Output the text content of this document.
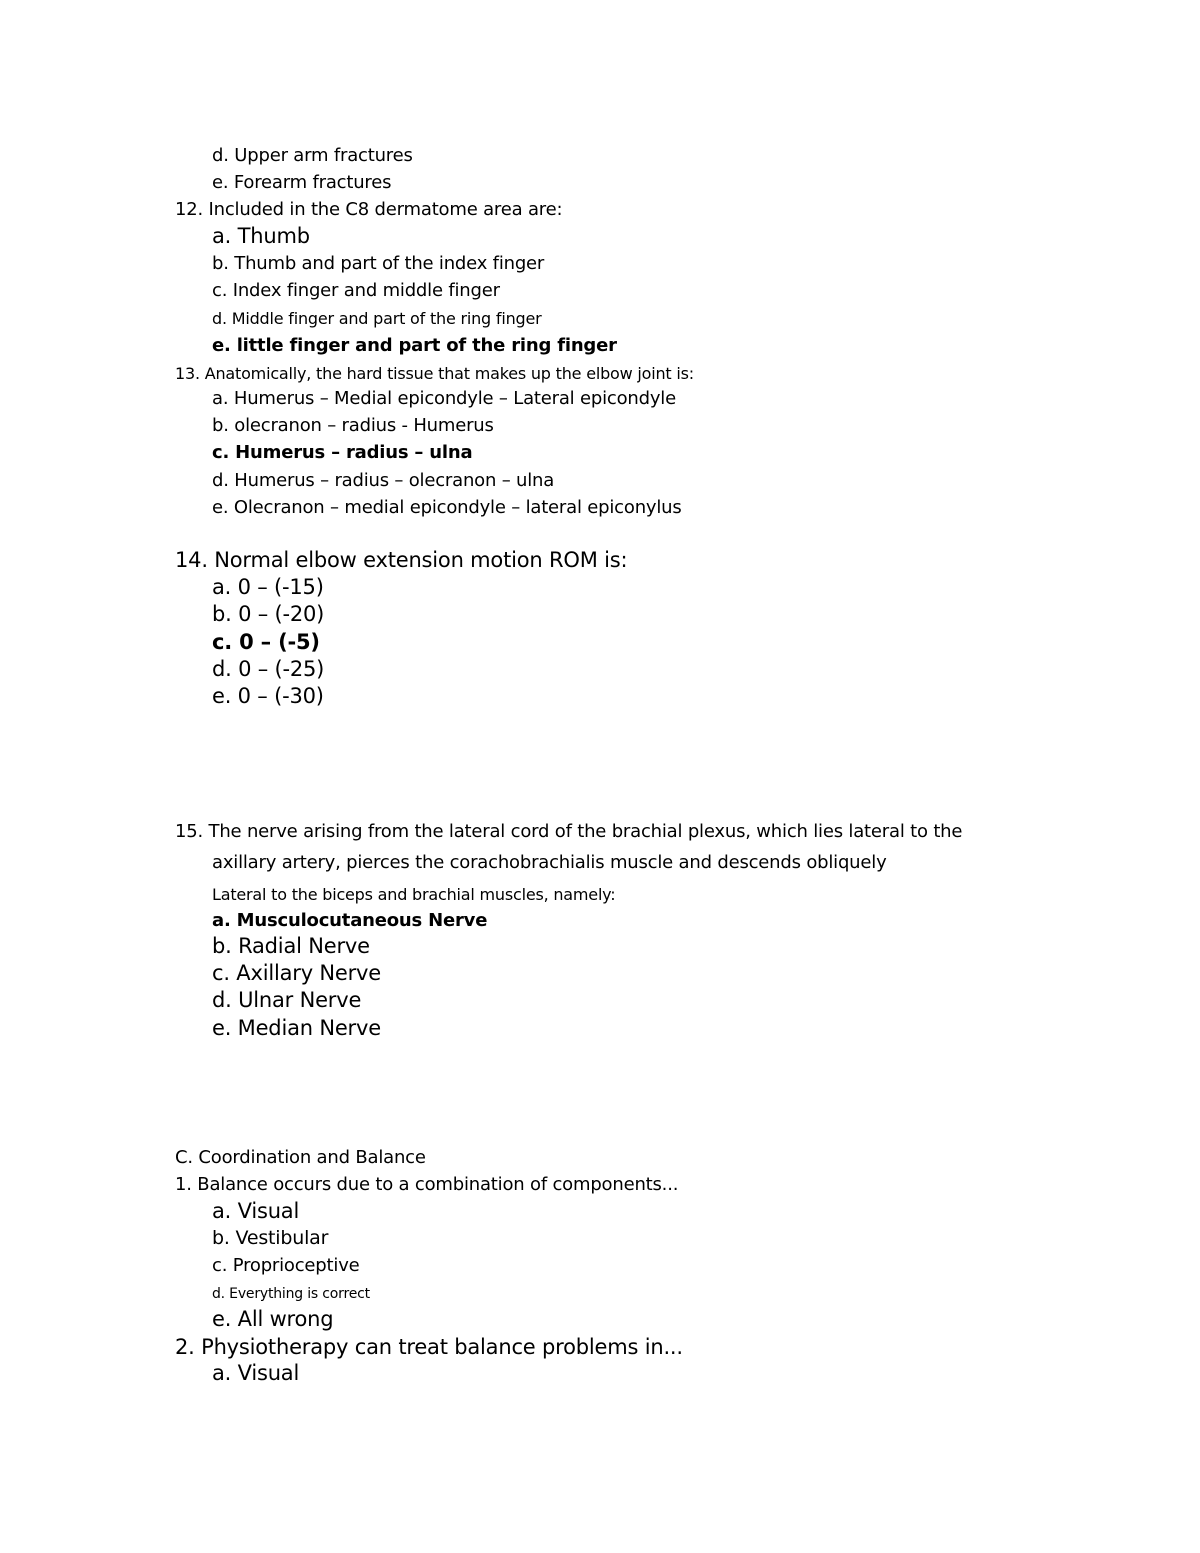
d. Upper arm fractures
e. Forearm fractures
12. Included in the C8 dermatome area are:
a. Thumb
b. Thumb and part of the index finger
c. Index finger and middle finger
d. Middle finger and part of the ring finger
e. little finger and part of the ring finger
13. Anatomically, the hard tissue that makes up the elbow joint is:
a. Humerus – Medial epicondyle – Lateral epicondyle
b. olecranon – radius - Humerus
c. Humerus – radius – ulna
d. Humerus – radius – olecranon – ulna
e. Olecranon – medial epicondyle – lateral epiconylus
14. Normal elbow extension motion ROM is:
a. 0 – (-15)
b. 0 – (-20)
c. 0 – (-5)
d. 0 – (-25)
e. 0 – (-30)
15. The nerve arising from the lateral cord of the brachial plexus, which lies lateral to the
axillary artery, pierces the corachobrachialis muscle and descends obliquely
Lateral to the biceps and brachial muscles, namely:
a. Musculocutaneous Nerve
b. Radial Nerve
c. Axillary Nerve
d. Ulnar Nerve
e. Median Nerve
C. Coordination and Balance
1. Balance occurs due to a combination of components...
a. Visual
b. Vestibular
c. Proprioceptive
d. Everything is correct
e. All wrong
2. Physiotherapy can treat balance problems in...
a. Visual
